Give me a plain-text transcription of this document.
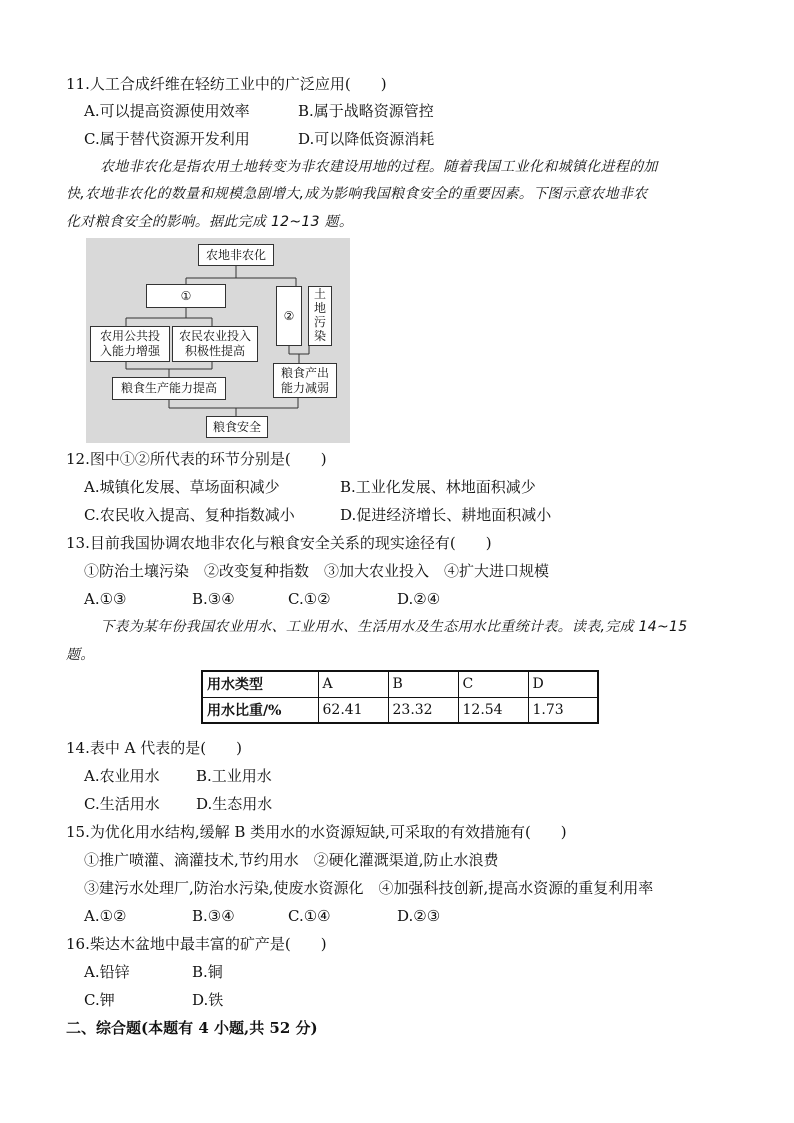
11.人工合成纤维在轻纺工业中的广泛应用(　　)
A.可以提高资源使用效率	B.属于战略资源管控
C.属于替代资源开发利用	D.可以降低资源消耗
农地非农化是指农用土地转变为非农建设用地的过程。随着我国工业化和城镇化进程的加
快,农地非农化的数量和规模急剧增大,成为影响我国粮食安全的重要因素。下图示意农地非农
化对粮食安全的影响。据此完成 12~13 题。
农地非农化
①
农用公共投
入能力增强
农民农业投入
积极性提高
粮食生产能力提高
②
土地污染
粮食产出
能力减弱
粮食安全
12.图中①②所代表的环节分别是(　　)
A.城镇化发展、草场面积减少	B.工业化发展、林地面积减少
C.农民收入提高、复种指数减小	D.促进经济增长、耕地面积减小
13.目前我国协调农地非农化与粮食安全关系的现实途径有(　　)
①防治土壤污染　②改变复种指数　③加大农业投入　④扩大进口规模
A.①③	B.③④	C.①②	D.②④
下表为某年份我国农业用水、工业用水、生活用水及生态用水比重统计表。读表,完成 14~15
题。
用水类型	A	B	C	D
用水比重/%	62.41	23.32	12.54	1.73
14.表中 A 代表的是(　　)
A.农业用水 B.工业用水
C.生活用水 D.生态用水
15.为优化用水结构,缓解 B 类用水的水资源短缺,可采取的有效措施有(　　)
①推广喷灌、滴灌技术,节约用水　②硬化灌溉渠道,防止水浪费
③建污水处理厂,防治水污染,使废水资源化　④加强科技创新,提高水资源的重复利用率
A.①②	B.③④	C.①④	D.②③
16.柴达木盆地中最丰富的矿产是(　　)
A.铅锌	B.铜
C.钾	D.铁
二、综合题(本题有 4 小题,共 52 分)
